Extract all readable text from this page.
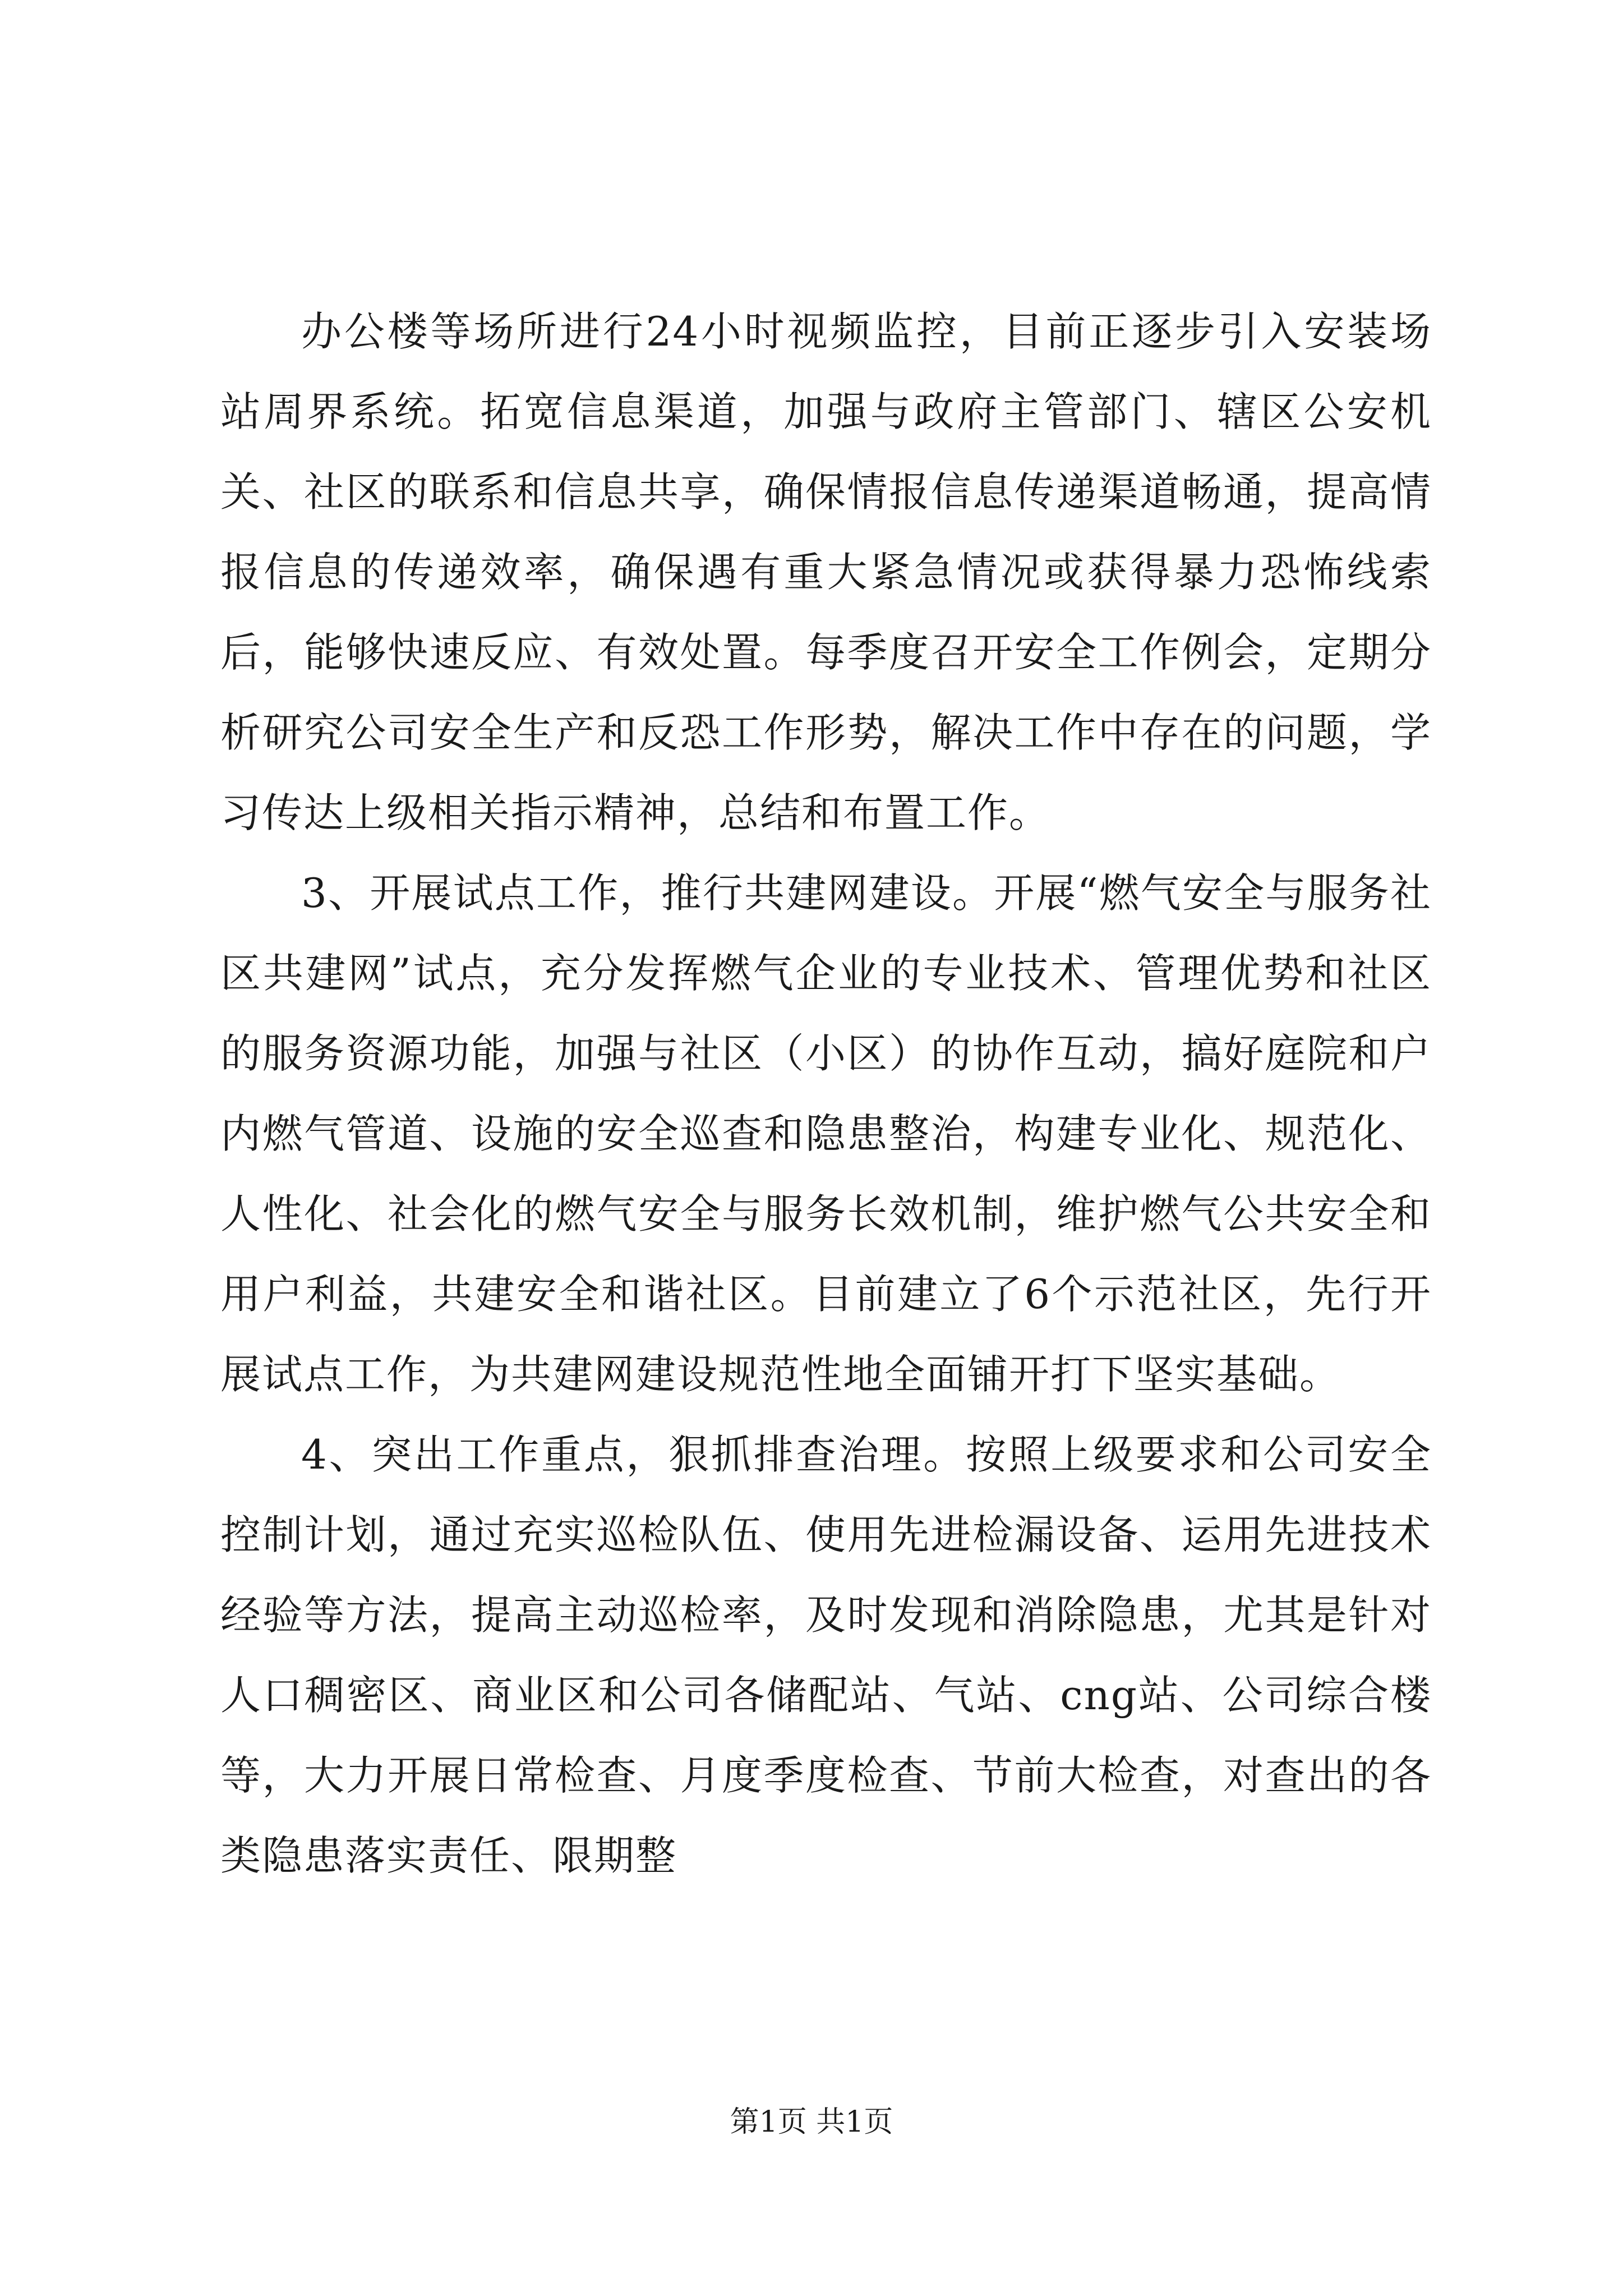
办公楼等场所进行24小时视频监控，目前正逐步引入安装场站周界系统。拓宽信息渠道，加强与政府主管部门、辖区公安机关、社区的联系和信息共享，确保情报信息传递渠道畅通，提高情报信息的传递效率，确保遇有重大紧急情况或获得暴力恐怖线索后，能够快速反应、有效处置。每季度召开安全工作例会，定期分析研究公司安全生产和反恐工作形势，解决工作中存在的问题，学习传达上级相关指示精神，总结和布置工作。

3、开展试点工作，推行共建网建设。开展“燃气安全与服务社区共建网”试点，充分发挥燃气企业的专业技术、管理优势和社区的服务资源功能，加强与社区（小区）的协作互动，搞好庭院和户内燃气管道、设施的安全巡查和隐患整治，构建专业化、规范化、人性化、社会化的燃气安全与服务长效机制，维护燃气公共安全和用户利益，共建安全和谐社区。目前建立了6个示范社区，先行开展试点工作，为共建网建设规范性地全面铺开打下坚实基础。

4、突出工作重点，狠抓排查治理。按照上级要求和公司安全控制计划，通过充实巡检队伍、使用先进检漏设备、运用先进技术经验等方法，提高主动巡检率，及时发现和消除隐患，尤其是针对人口稠密区、商业区和公司各储配站、气站、cng站、公司综合楼等，大力开展日常检查、月度季度检查、节前大检查，对查出的各类隐患落实责任、限期整

第1页 共1页
